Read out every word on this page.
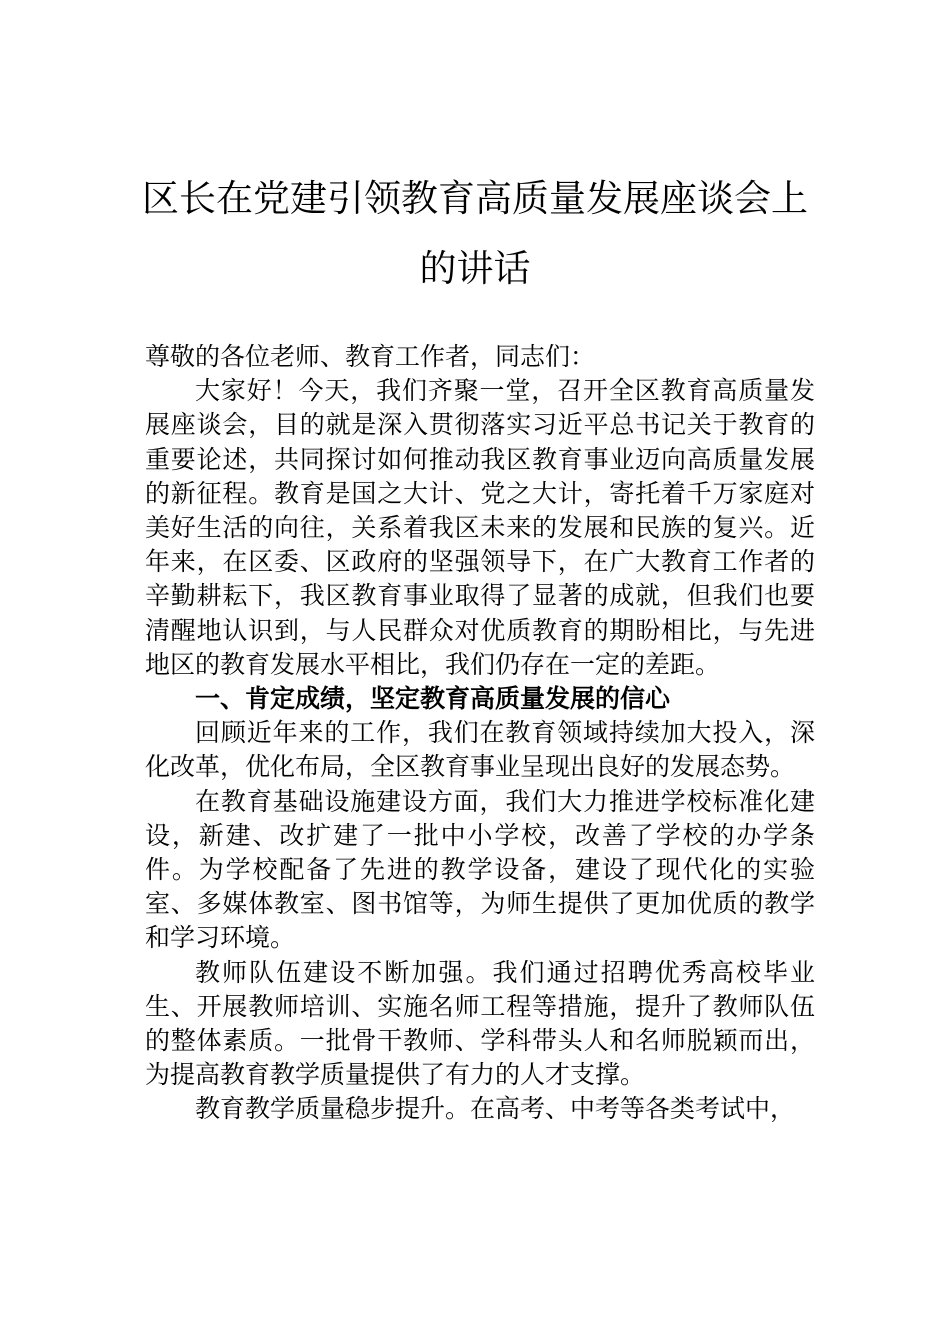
区长在党建引领教育高质量发展座谈会上
的讲话

尊敬的各位老师、教育工作者，同志们：

大家好！今天，我们齐聚一堂，召开全区教育高质量发展座谈会，目的就是深入贯彻落实习近平总书记关于教育的重要论述，共同探讨如何推动我区教育事业迈向高质量发展的新征程。教育是国之大计、党之大计，寄托着千万家庭对美好生活的向往，关系着我区未来的发展和民族的复兴。近年来，在区委、区政府的坚强领导下，在广大教育工作者的辛勤耕耘下，我区教育事业取得了显著的成就，但我们也要清醒地认识到，与人民群众对优质教育的期盼相比，与先进地区的教育发展水平相比，我们仍存在一定的差距。

一、肯定成绩，坚定教育高质量发展的信心

回顾近年来的工作，我们在教育领域持续加大投入，深化改革，优化布局，全区教育事业呈现出良好的发展态势。

在教育基础设施建设方面，我们大力推进学校标准化建设，新建、改扩建了一批中小学校，改善了学校的办学条件。为学校配备了先进的教学设备，建设了现代化的实验室、多媒体教室、图书馆等，为师生提供了更加优质的教学和学习环境。

教师队伍建设不断加强。我们通过招聘优秀高校毕业生、开展教师培训、实施名师工程等措施，提升了教师队伍的整体素质。一批骨干教师、学科带头人和名师脱颖而出，为提高教育教学质量提供了有力的人才支撑。

教育教学质量稳步提升。在高考、中考等各类考试中，
